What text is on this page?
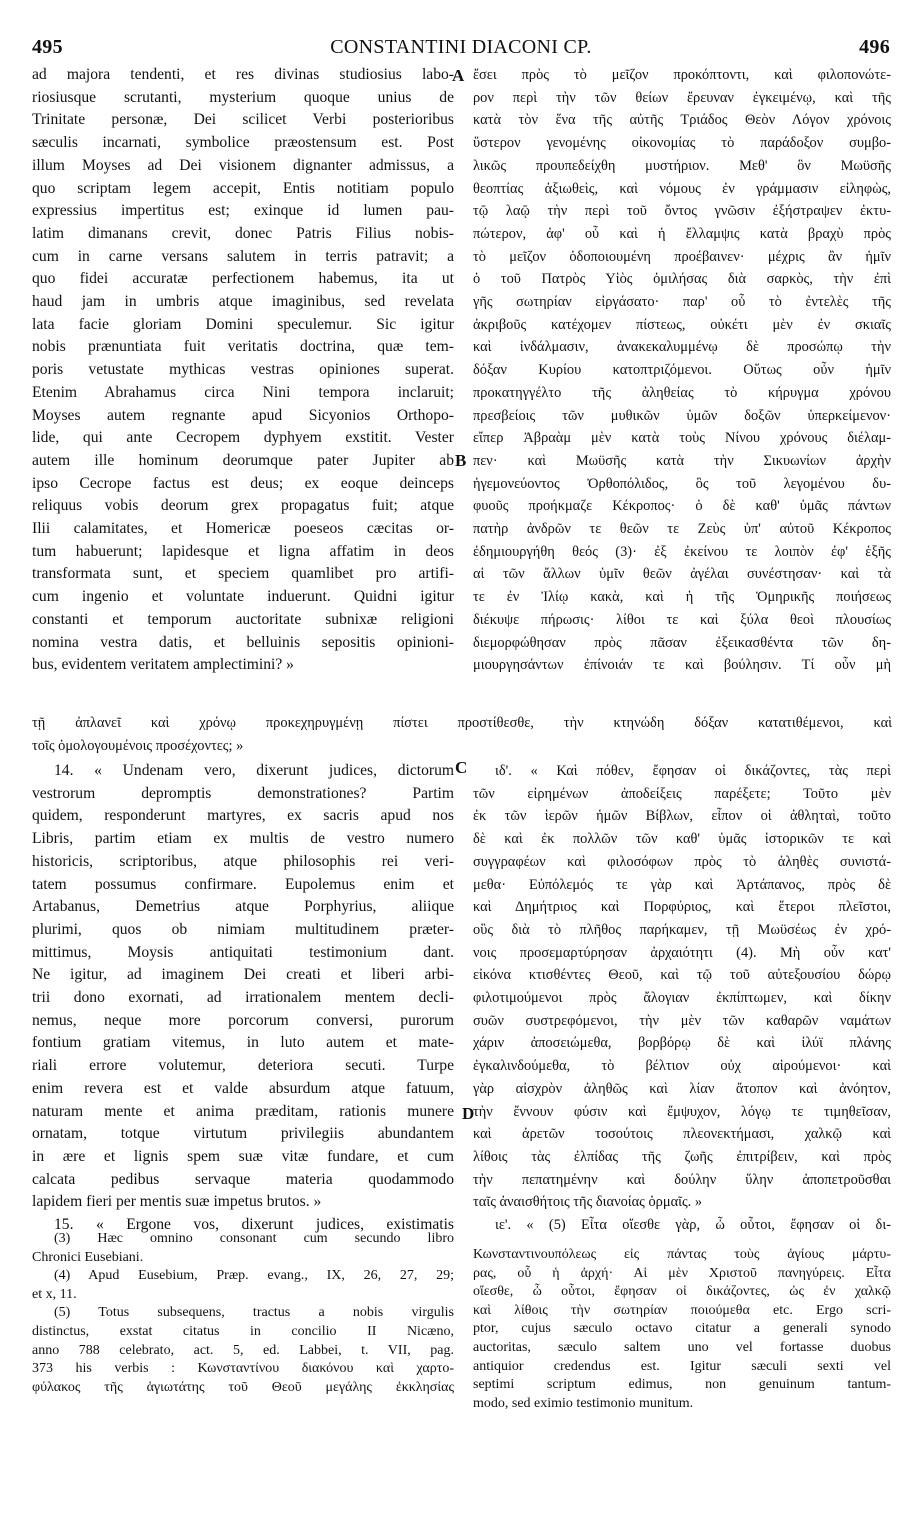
495	CONSTANTINI DIACONI CP.	496
ad majora tendenti, et res divinas studiosius labo-
riosiusque scrutanti, mysterium quoque unius de
Trinitate personæ, Dei scilicet Verbi posterioribus
sæculis incarnati, symbolice præostensum est. Post
illum Moyses ad Dei visionem dignanter admissus, a
quo scriptam legem accepit, Entis notitiam populo
expressius impertitus est; exinque id lumen pau-
latim dimanans crevit, donec Patris Filius nobis-
cum in carne versans salutem in terris patravit; a
quo fidei accuratæ perfectionem habemus, ita ut
haud jam in umbris atque imaginibus, sed revelata
lata facie gloriam Domini speculemur. Sic igitur
nobis prænuntiata fuit veritatis doctrina, quæ tem-
poris vetustate mythicas vestras opiniones superat.
Etenim Abrahamus circa Nini tempora inclaruit;
Moyses autem regnante apud Sicyonios Orthopo-
lide, qui ante Cecropem dyphyem exstitit. Vester
autem ille hominum deorumque pater Jupiter ab
ipso Cecrope factus est deus; ex eoque deinceps
reliquus vobis deorum grex propagatus fuit; atque
Ilii calamitates, et Homericæ poeseos cæcitas or-
tum habuerunt; lapidesque et ligna affatim in deos
transformata sunt, et speciem quamlibet pro artifi-
cum ingenio et voluntate induerunt. Quidni igitur
constanti et temporum auctoritate subnixæ religioni
nomina vestra datis, et belluinis sepositis opinioni-
bus, evidentem veritatem amplectimini? »
ἔσει πρὸς τὸ μεῖζον προκόπτοντι, καὶ φιλοπονώτε-
ρον περὶ τὴν τῶν θείων ἔρευναν ἐγκειμένῳ, καὶ τῆς
κατὰ τὸν ἕνα τῆς αὐτῆς Τριάδος Θεὸν Λόγον χρόνοις
ὕστερον γενομένης οἰκονομίας τὸ παράδοξον συμβο-
λικῶς προυπεδείχθη μυστήριον. Μεθ' ὃν Μωϋσῆς
θεοπτίας ἀξιωθεὶς, καὶ νόμους ἐν γράμμασιν εἰληφὼς,
τῷ λαῷ τὴν περὶ τοῦ ὄντος γνῶσιν ἐξήστραψεν ἐκτυ-
πώτερον, ἀφ' οὗ καὶ ἡ ἔλλαμψις κατὰ βραχὺ πρὸς
τὸ μεῖζον ὁδοποιουμένη προέβαινεν· μέχρις ἂν ἡμῖν
ὁ τοῦ Πατρὸς Υἱὸς ὁμιλήσας διὰ σαρκὸς, τὴν ἐπὶ
γῆς σωτηρίαν εἰργάσατο· παρ' οὗ τὸ ἐντελὲς τῆς
ἀκριβοῦς κατέχομεν πίστεως, οὐκέτι μὲν ἐν σκιαῖς
καὶ ἰνδάλμασιν, ἀνακεκαλυμμένῳ δὲ προσώπῳ τὴν
δόξαν Κυρίου κατοπτριζόμενοι. Οὕτως οὖν ἡμῖν
προκατηγγέλτο τῆς ἀληθείας τὸ κήρυγμα χρόνου
πρεσβείοις τῶν μυθικῶν ὑμῶν δοξῶν ὑπερκείμενον·
εἴπερ Ἀβραὰμ μὲν κατὰ τοὺς Νίνου χρόνους διέλαμ-
πεν· καὶ Μωϋσῆς κατὰ τὴν Σικυωνίων ἀρχὴν
ἡγεμονεύοντος Ὀρθοπόλιδος, ὃς τοῦ λεγομένου δυ-
φυοῦς προήκμαζε Κέκροπος· ὁ δὲ καθ' ὑμᾶς πάντων
πατὴρ ἀνδρῶν τε θεῶν τε Ζεὺς ὑπ' αὐτοῦ Κέκροπος
ἐδημιουργήθη θεός (3)· ἐξ ἐκείνου τε λοιπὸν ἐφ' ἑξῆς
αἱ τῶν ἄλλων ὑμῖν θεῶν ἀγέλαι συνέστησαν· καὶ τὰ
τε ἐν Ἰλίῳ κακὰ, καὶ ἡ τῆς Ὁμηρικῆς ποιήσεως
διέκυψε πήρωσις· λίθοι τε καὶ ξύλα θεοὶ πλουσίως
διεμορφώθησαν πρὸς πᾶσαν ἐξεικασθέντα τῶν δη-
μιουργησάντων ἐπίνοιάν τε καὶ βούλησιν. Τί οὖν μὴ
A
B
C
D
τῇ ἀπλανεῖ καὶ χρόνῳ προκεχηρυγμένῃ πίστει προστίθεσθε, τὴν κτηνώδη δόξαν κατατιθέμενοι, καὶ
τοῖς ὁμολογουμένοις προσέχοντες; »
14. « Undenam vero, dixerunt judices, dictorum
vestrorum depromptis demonstrationes? Partim
quidem, responderunt martyres, ex sacris apud nos
Libris, partim etiam ex multis de vestro numero
historicis, scriptoribus, atque philosophis rei veri-
tatem possumus confirmare. Eupolemus enim et
Artabanus, Demetrius atque Porphyrius, aliique
plurimi, quos ob nimiam multitudinem præter-
mittimus, Moysis antiquitati testimonium dant.
Ne igitur, ad imaginem Dei creati et liberi arbi-
trii dono exornati, ad irrationalem mentem decli-
nemus, neque more porcorum conversi, purorum
fontium gratiam vitemus, in luto autem et mate-
riali errore volutemur, deteriora secuti. Turpe
enim revera est et valde absurdum atque fatuum,
naturam mente et anima præditam, rationis munere
ornatam, totque virtutum privilegiis abundantem
in ære et lignis spem suæ vitæ fundare, et cum
calcata pedibus servaque materia quodammodo
lapidem fieri per mentis suæ impetus brutos. »
15. « Ergone vos, dixerunt judices, existimatis
ιδ'. « Καὶ πόθεν, ἔφησαν οἱ δικάζοντες, τὰς περὶ
τῶν εἰρημένων ἀποδείξεις παρέξετε; Τοῦτο μὲν
ἐκ τῶν ἱερῶν ἡμῶν Βίβλων, εἶπον οἱ ἀθληταὶ, τοῦτο
δὲ καὶ ἐκ πολλῶν τῶν καθ' ὑμᾶς ἱστορικῶν τε καὶ
συγγραφέων καὶ φιλοσόφων πρὸς τὸ ἀληθὲς συνιστά-
μεθα· Εὐπόλεμός τε γὰρ καὶ Ἀρτάπανος, πρὸς δὲ
καὶ Δημήτριος καὶ Πορφύριος, καὶ ἕτεροι πλεῖστοι,
οὓς διὰ τὸ πλῆθος παρήκαμεν, τῇ Μωϋσέως ἐν χρό-
νοις προσεμαρτύρησαν ἀρχαιότητι (4). Μὴ οὖν κατ'
εἰκόνα κτισθέντες Θεοῦ, καὶ τῷ τοῦ αὐτεξουσίου δώρῳ
φιλοτιμούμενοι πρὸς ἄλογιαν ἐκπίπτωμεν, καὶ δίκην
συῶν συστρεφόμενοι, τὴν μὲν τῶν καθαρῶν ναμάτων
χάριν ἀποσειώμεθα, βορβόρῳ δὲ καὶ ἰλύϊ πλάνης
ἐγκαλινδούμεθα, τὸ βέλτιον οὐχ αἱρούμενοι· καὶ
γὰρ αἰσχρὸν ἀληθῶς καὶ λίαν ἄτοπον καὶ ἀνόητον,
τὴν ἔννουν φύσιν καὶ ἔμψυχον, λόγῳ τε τιμηθεῖσαν,
καὶ ἀρετῶν τοσούτοις πλεονεκτήμασι, χαλκῷ καὶ
λίθοις τὰς ἐλπίδας τῆς ζωῆς ἐπιτρίβειν, καὶ πρὸς
τὴν πεπατημένην καὶ δούλην ὕλην ἀποπετροῦσθαι
ταῖς ἀναισθήτοις τῆς διανοίας ὁρμαῖς. »
ιε'. « (5) Εἶτα οἴεσθε γὰρ, ὦ οὗτοι, ἔφησαν οἱ δι-
(3) Hæc omnino consonant cum secundo libro
Chronici Eusebiani.
(4) Apud Eusebium, Præp. evang., IX, 26, 27, 29;
et x, 11.
(5) Totus subsequens, tractus a nobis virgulis
distinctus, exstat citatus in concilio II Nicæno,
anno 788 celebrato, act. 5, ed. Labbei, t. VII, pag.
373 his verbis : Κωνσταντίνου διακόνου καὶ χαρτο-
φύλακος τῆς ἁγιωτάτης τοῦ Θεοῦ μεγάλης ἐκκλησίας
Κωνσταντινουπόλεως εἰς πάντας τοὺς ἁγίους μάρτυ-
ρας, οὗ ἡ ἀρχή· Αἱ μὲν Χριστοῦ πανηγύρεις. Εἶτα
οἴεσθε, ὦ οὗτοι, ἔφησαν οἱ δικάζοντες, ὡς ἐν χαλκῷ
καὶ λίθοις τὴν σωτηρίαν ποιούμεθα etc. Ergo scri-
ptor, cujus sæculo octavo citatur a generali synodo
auctoritas, sæculo saltem uno vel fortasse duobus
antiquior credendus est. Igitur sæculi sexti vel
septimi scriptum edimus, non genuinum tantum-
modo, sed eximio testimonio munitum.
